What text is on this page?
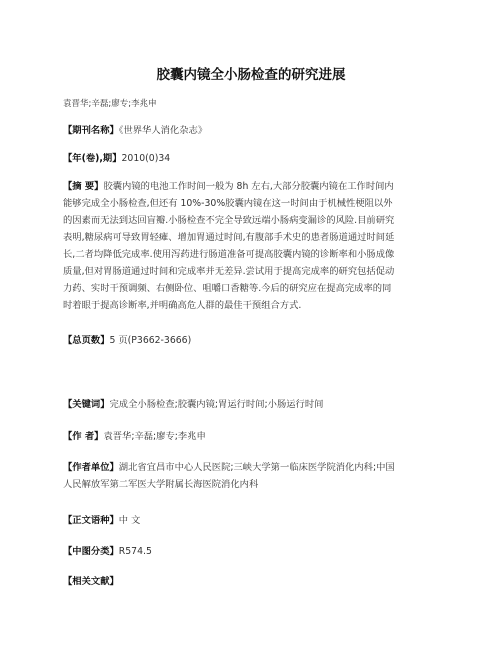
胶囊内镜全小肠检查的研究进展
袁晋华;辛磊;廖专;李兆申
【期刊名称】《世界华人消化杂志》
【年(卷),期】2010(0)34
【摘 要】胶囊内镜的电池工作时间一般为 8h 左右,大部分胶囊内镜在工作时间内
能够完成全小肠检查,但还有 10%-30%胶囊内镜在这一时间由于机械性梗阻以外
的因素而无法到达回盲瓣.小肠检查不完全导致远端小肠病变漏诊的风险.目前研究
表明,糖尿病可导致胃轻瘫、增加胃通过时间,有腹部手术史的患者肠道通过时间延
长,二者均降低完成率.使用泻药进行肠道准备可提高胶囊内镜的诊断率和小肠成像
质量,但对胃肠道通过时间和完成率并无差异.尝试用于提高完成率的研究包括促动
力药、实时干预调频、右侧卧位、咀嚼口香糖等.今后的研究应在提高完成率的同
时着眼于提高诊断率,并明确高危人群的最佳干预组合方式.
【总页数】5 页(P3662-3666)
【关键词】完成全小肠检查;胶囊内镜;胃运行时间;小肠运行时间
【作 者】袁晋华;辛磊;廖专;李兆申
【作者单位】湖北省宜昌市中心人民医院;三峡大学第一临床医学院消化内科;中国
人民解放军第二军医大学附属长海医院消化内科
【正文语种】中 文
【中图分类】R574.5
【相关文献】
